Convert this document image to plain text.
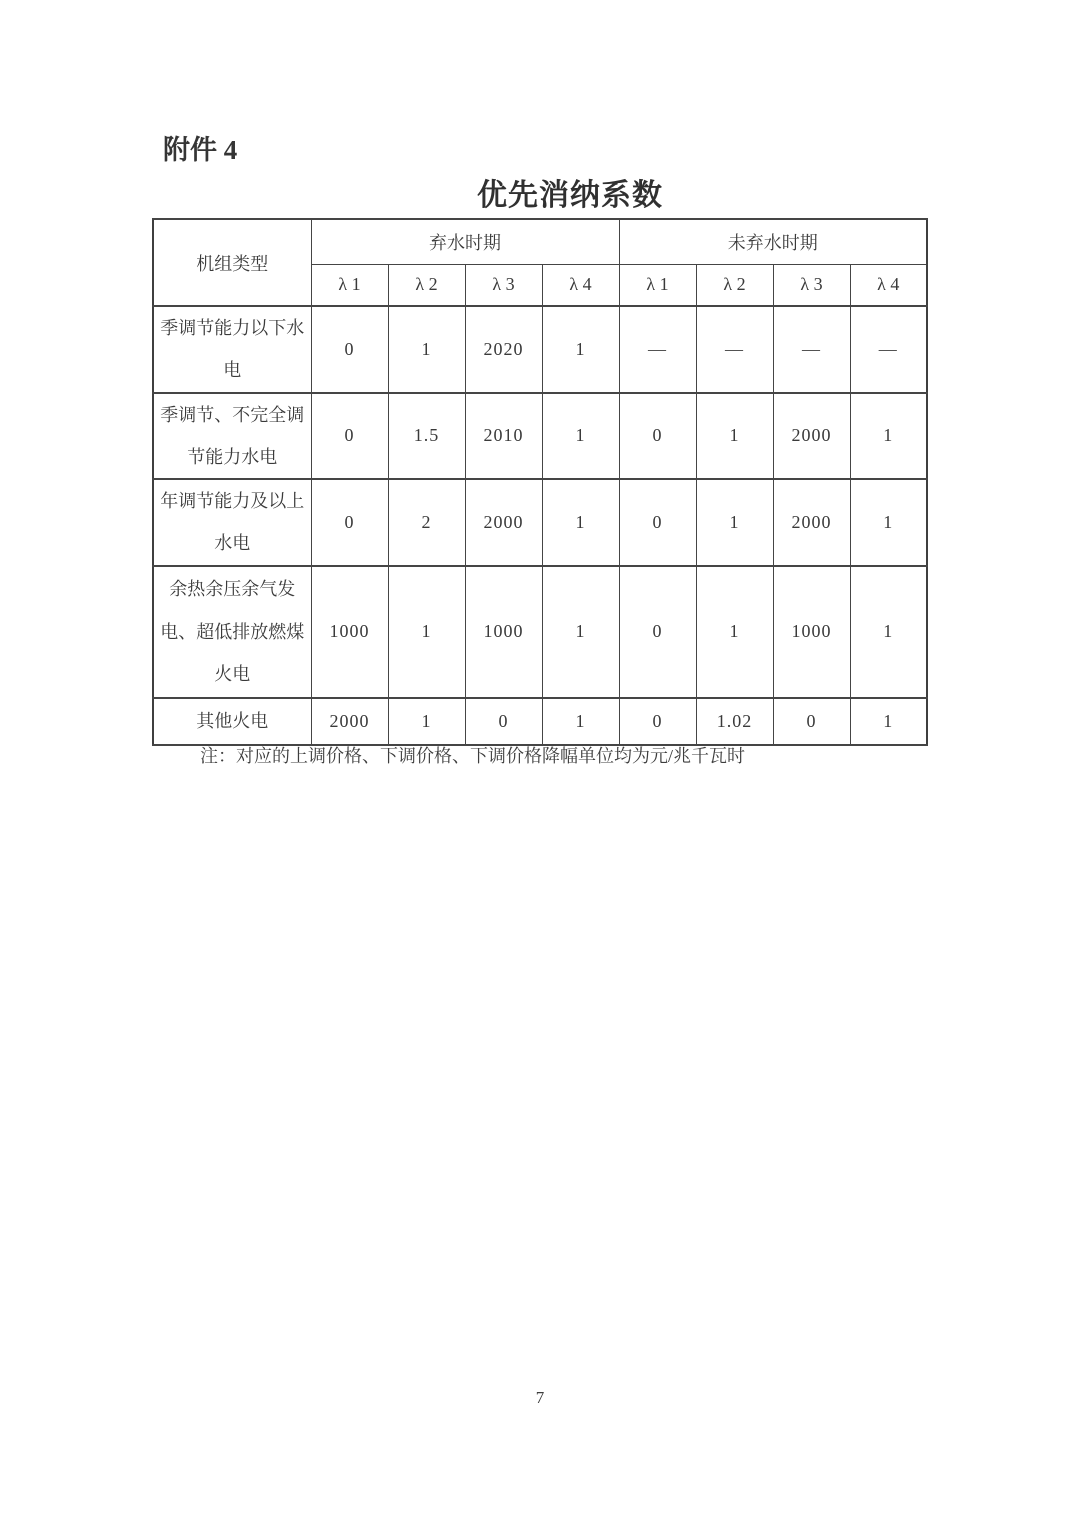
附件 4
优先消纳系数
机组类型	弃水时期				未弃水时期			
	λ 1	λ 2	λ 3	λ 4	λ 1	λ 2	λ 3	λ 4
季调节能力以下水电	0	1	2020	1	—	—	—	—
季调节、不完全调节能力水电	0	1.5	2010	1	0	1	2000	1
年调节能力及以上水电	0	2	2000	1	0	1	2000	1
余热余压余气发电、超低排放燃煤火电	1000	1	1000	1	0	1	1000	1
其他火电	2000	1	0	1	0	1.02	0	1
注：对应的上调价格、下调价格、下调价格降幅单位均为元/兆千瓦时
7
